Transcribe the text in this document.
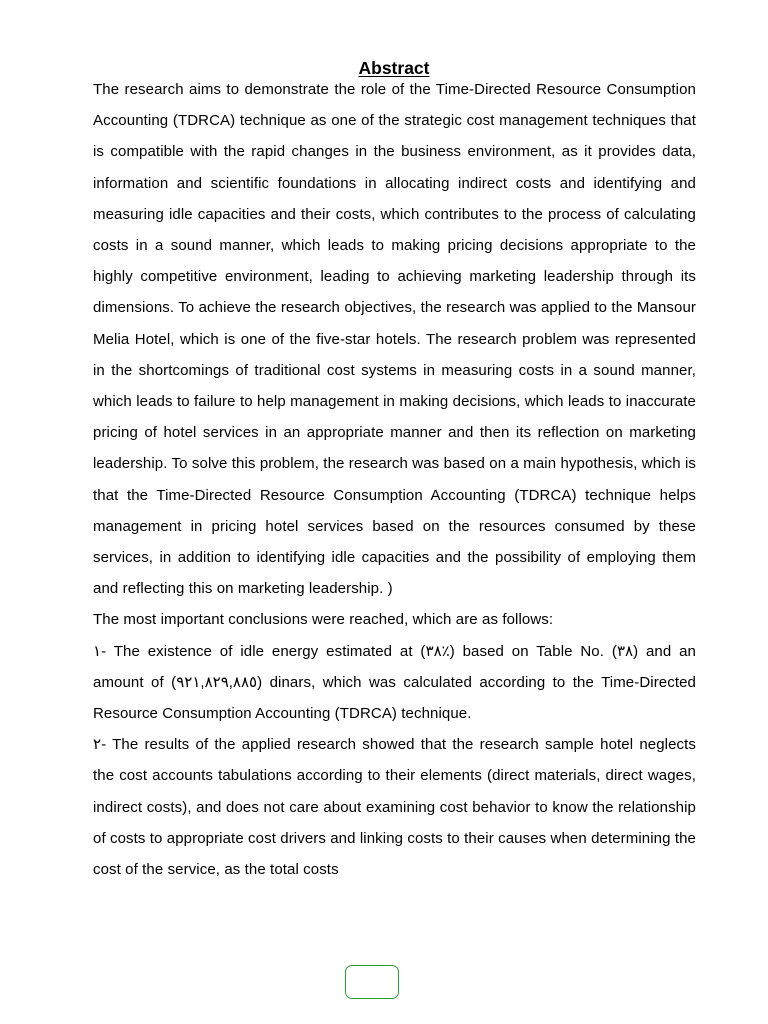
Abstract

The research aims to demonstrate the role of the Time-Directed Resource Consumption Accounting (TDRCA) technique as one of the strategic cost management techniques that is compatible with the rapid changes in the business environment, as it provides data, information and scientific foundations in allocating indirect costs and identifying and measuring idle capacities and their costs, which contributes to the process of calculating costs in a sound manner, which leads to making pricing decisions appropriate to the highly competitive environment, leading to achieving marketing leadership through its dimensions. To achieve the research objectives, the research was applied to the Mansour Melia Hotel, which is one of the five-star hotels. The research problem was represented in the shortcomings of traditional cost systems in measuring costs in a sound manner, which leads to failure to help management in making decisions, which leads to inaccurate pricing of hotel services in an appropriate manner and then its reflection on marketing leadership. To solve this problem, the research was based on a main hypothesis, which is that the Time-Directed Resource Consumption Accounting (TDRCA) technique helps management in pricing hotel services based on the resources consumed by these services, in addition to identifying idle capacities and the possibility of employing them and reflecting this on marketing leadership. )

The most important conclusions were reached, which are as follows:

١- The existence of idle energy estimated at (٣٨٪) based on Table No. (٣٨) and an amount of (٩٢١,٨٢٩,٨٨٥) dinars, which was calculated according to the Time-Directed Resource Consumption Accounting (TDRCA) technique.

٢- The results of the applied research showed that the research sample hotel neglects the cost accounts tabulations according to their elements (direct materials, direct wages, indirect costs), and does not care about examining cost behavior to know the relationship of costs to appropriate cost drivers and linking costs to their causes when determining the cost of the service, as the total costs
